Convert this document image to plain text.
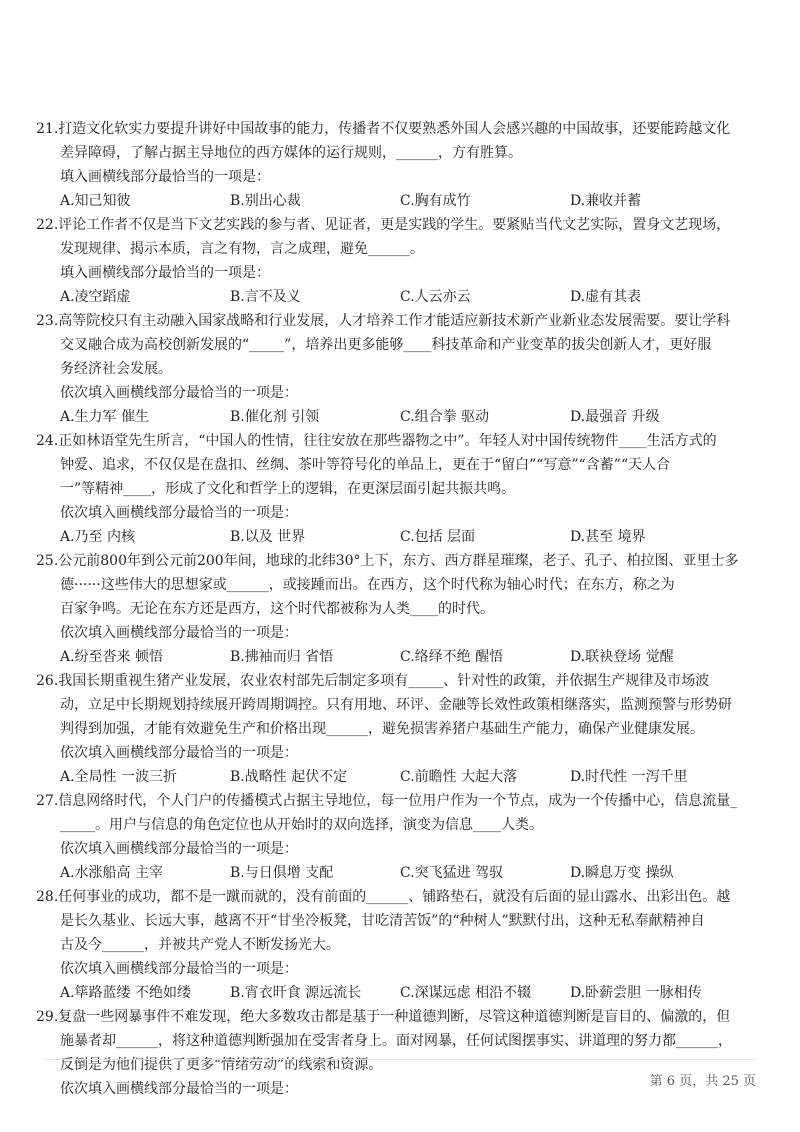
21.打造文化软实力要提升讲好中国故事的能力，传播者不仅要熟悉外国人会感兴趣的中国故事，还要能跨越文化
差异障碍，了解占据主导地位的西方媒体的运行规则，______，方有胜算。
填入画横线部分最恰当的一项是：
A.知己知彼	B.别出心裁	C.胸有成竹	D.兼收并蓄
22.评论工作者不仅是当下文艺实践的参与者、见证者，更是实践的学生。要紧贴当代文艺实际，置身文艺现场，
发现规律、揭示本质，言之有物，言之成理，避免______。
填入画横线部分最恰当的一项是：
A.凌空蹈虚	B.言不及义	C.人云亦云	D.虚有其表
23.高等院校只有主动融入国家战略和行业发展，人才培养工作才能适应新技术新产业新业态发展需要。要让学科
交叉融合成为高校创新发展的“_____”，培养出更多能够____科技革命和产业变革的拔尖创新人才，更好服
务经济社会发展。
依次填入画横线部分最恰当的一项是：
A.生力军 催生	B.催化剂 引领	C.组合拳 驱动	D.最强音 升级
24.正如林语堂先生所言，“中国人的性情，往往安放在那些器物之中”。年轻人对中国传统物件____生活方式的
钟爱、追求，不仅仅是在盘扣、丝绸、茶叶等符号化的单品上，更在于“留白”“写意”“含蓄”“天人合
一”等精神____，形成了文化和哲学上的逻辑，在更深层面引起共振共鸣。
依次填入画横线部分最恰当的一项是：
A.乃至 内核	B.以及 世界	C.包括 层面	D.甚至 境界
25.公元前800年到公元前200年间，地球的北纬30°上下，东方、西方群星璀璨，老子、孔子、柏拉图、亚里士多
德······这些伟大的思想家或______，或接踵而出。在西方，这个时代称为轴心时代；在东方，称之为
百家争鸣。无论在东方还是西方，这个时代都被称为人类____的时代。
依次填入画横线部分最恰当的一项是：
A.纷至沓来 顿悟	B.拂袖而归 省悟	C.络绎不绝 醒悟	D.联袂登场 觉醒
26.我国长期重视生猪产业发展，农业农村部先后制定多项有_____、针对性的政策，并依据生产规律及市场波
动，立足中长期规划持续展开跨周期调控。只有用地、环评、金融等长效性政策相继落实，监测预警与形势研
判得到加强，才能有效避免生产和价格出现______，避免损害养猪户基础生产能力，确保产业健康发展。
依次填入画横线部分最恰当的一项是：
A.全局性 一波三折	B.战略性 起伏不定	C.前瞻性 大起大落	D.时代性 一泻千里
27.信息网络时代，个人门户的传播模式占据主导地位，每一位用户作为一个节点，成为一个传播中心，信息流量_
_____。用户与信息的角色定位也从开始时的双向选择，演变为信息____人类。
依次填入画横线部分最恰当的一项是：
A.水涨船高 主宰	B.与日俱增 支配	C.突飞猛进 驾驭	D.瞬息万变 操纵
28.任何事业的成功，都不是一蹴而就的，没有前面的______、铺路垫石，就没有后面的显山露水、出彩出色。越
是长久基业、长远大事，越离不开“甘坐冷板凳，甘吃清苦饭”的“种树人”默默付出，这种无私奉献精神自
古及今______，并被共产党人不断发扬光大。
依次填入画横线部分最恰当的一项是：
A.筚路蓝缕 不绝如缕	B.宵衣旰食 源远流长	C.深谋远虑 相沿不辍	D.卧薪尝胆 一脉相传
29.复盘一些网暴事件不难发现，绝大多数攻击都是基于一种道德判断，尽管这种道德判断是盲目的、偏激的，但
施暴者却______，将这种道德判断强加在受害者身上。面对网暴，任何试图摆事实、讲道理的努力都______，
反倒是为他们提供了更多“情绪劳动”的线索和资源。
依次填入画横线部分最恰当的一项是：	第 6 页，共 25 页
